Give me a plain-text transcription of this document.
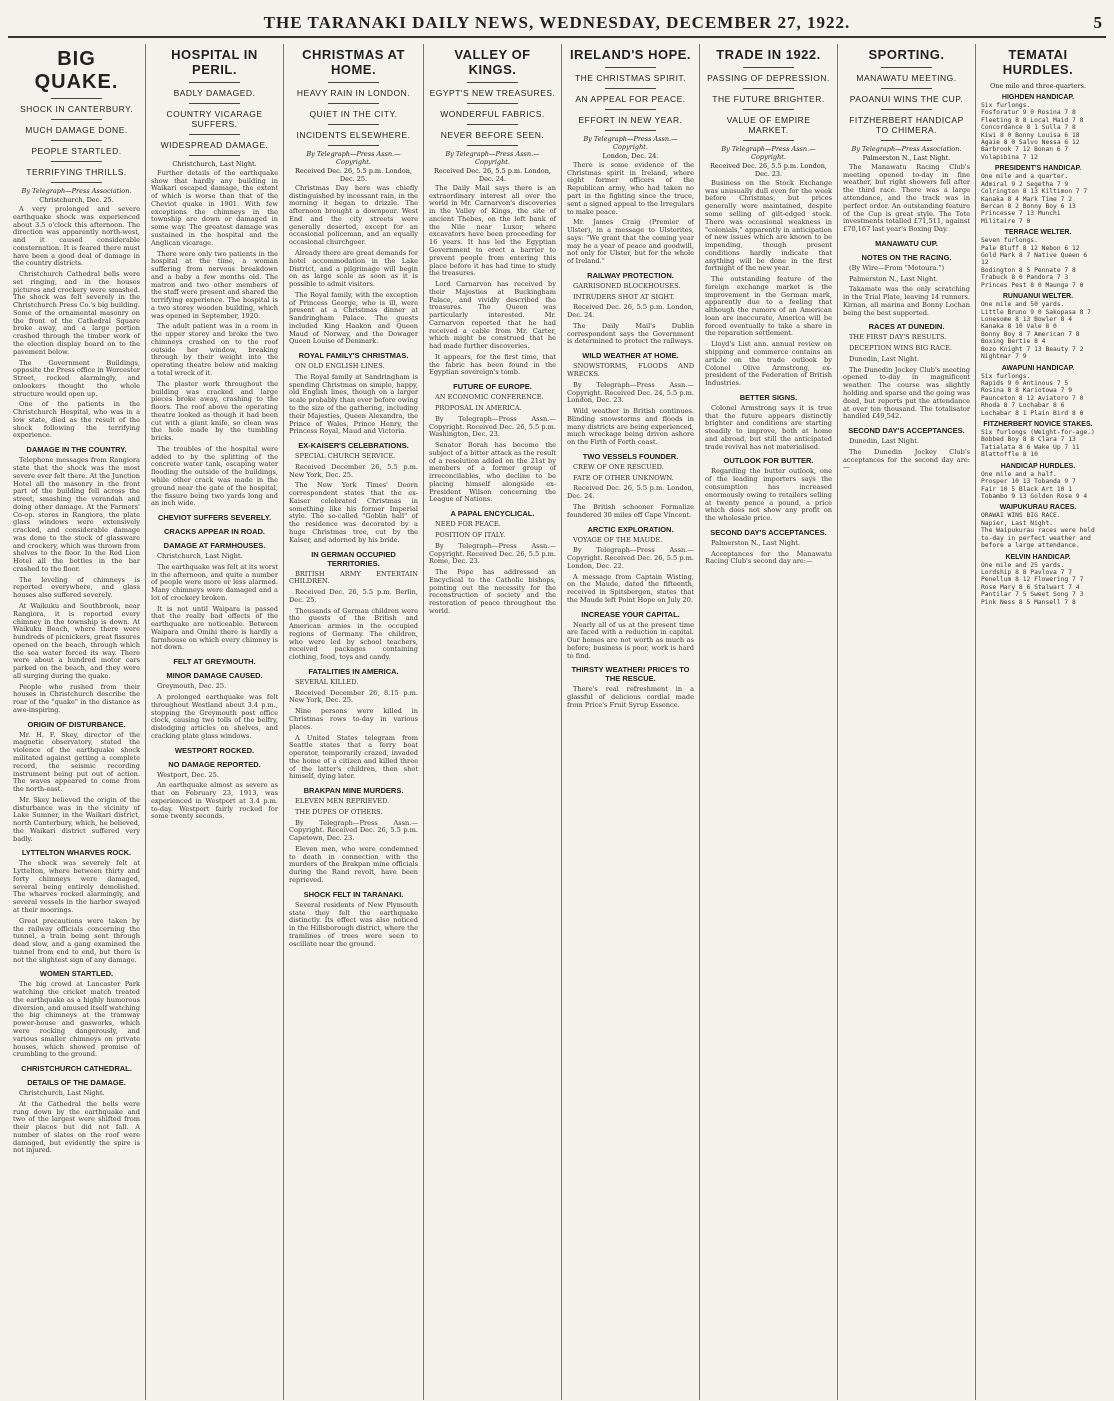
THE TARANAKI DAILY NEWS, WEDNESDAY, DECEMBER 27, 1922.	5
BIG QUAKE.
SHOCK IN CANTERBURY.
MUCH DAMAGE DONE.
PEOPLE STARTLED.
TERRIFYING THRILLS.
By Telegraph—Press Association.
Christchurch, Dec. 25.

A very prolonged and severe earthquake shock was experienced about 3.5 o'clock this afternoon. The direction was apparently north-west, and it caused considerable consternation. It is feared there must have been a good deal of damage in the country districts.

Christchurch Cathedral bells were set ringing, and in the houses pictures and crockery were smashed. The shock was felt severely in the Christchurch Press Co.'s big building. Some of the ornamental masonry on the front of the Cathedral Square broke away, and a large portion crashed through the timber work of the election display board on to the pavement below.

The Government Buildings, opposite the Press office in Worcester Street, rocked alarmingly, and onlookers thought the whole structure would open up.

One of the patients in the Christchurch Hospital, who was in a low state, died as the result of the shock following the terrifying experience.

DAMAGE IN THE COUNTRY.

Telephone messages from Rangiora state that the shock was the most severe ever felt there. At the Junction Hotel all the masonry in the front part of the building fell across the street, smashing the verandah and doing other damage. At the Farmers' Co-op. stores in Rangiora, the plate glass windows were extensively cracked, and considerable damage was done to the stock of glassware and crockery, which was thrown from shelves to the floor. In the Red Lion Hotel all the bottles in the bar crashed to the floor.

The leveling of chimneys is reported everywhere, and glass houses also suffered severely.

At Waikuku and Southbrook, near Rangiora, it is reported every chimney in the township is down. At Waikuku Beach, where there were hundreds of picnickers, great fissures opened on the beach, through which the sea water forced its way. There were about a hundred motor cars parked on the beach, and they were all surging during the quake.

People who rushed from their houses in Christchurch describe the roar of the "quake" in the distance as awe-inspiring.

ORIGIN OF DISTURBANCE.

Mr. H. F. Skey, director of the magnetic observatory, stated the violence of the earthquake shock militated against getting a complete record, the seismic recording instrument being put out of action. The waves appeared to come from the north-east.

Mr. Skey believed the origin of the disturbance was in the vicinity of Lake Sumner, in the Waikari district, north Canterbury, which, he believed, the Waikari district suffered very badly.

LYTTELTON WHARVES ROCK.

The shock was severely felt at Lyttelton, where between thirty and forty chimneys were damaged, several being entirely demolished. The wharves rocked alarmingly, and several vessels in the harbor swayed at their moorings.

Great precautions were taken by the railway officials concerning the tunnel, a train being sent through dead slow, and a gang examined the tunnel from end to end, but there is not the slightest sign of any damage.

WOMEN STARTLED.

The big crowd at Lancaster Park watching the cricket match treated the earthquake as a highly humorous diversion, and amused itself watching the big chimneys at the tramway power-house and gasworks, which were rocking dangerously, and various smaller chimneys on private houses, which showed promise of crumbling to the ground.

CHRISTCHURCH CATHEDRAL.
DETAILS OF THE DAMAGE.

Christchurch, Last Night.

At the Cathedral the bells were rung down by the earthquake and two of the largest were shifted from their places but did not fall. A number of slates on the roof were damaged, but evidently the spire is not injured.

HOSPITAL IN PERIL.
BADLY DAMAGED.
COUNTRY VICARAGE SUFFERS.
WIDESPREAD DAMAGE.
Christchurch, Last Night.

Further details of the earthquake show that hardly any building in Waikari escaped damage, the extent of which is worse than that of the Cheviot quake in 1901. With few exceptions the chimneys in the township are down or damaged in some way. The greatest damage was sustained in the hospital and the Anglican vicarage.

There were only two patients in the hospital at the time, a woman suffering from nervous breakdown and a baby a few months old. The matron and two other members of the staff were present and shared the terrifying experience. The hospital is a two storey wooden building, which was opened in September, 1920.

The adult patient was in a room in the upper storey and broke the two chimneys crashed on to the roof outside her window, breaking through by their weight into the operating theatre below and making a total wreck of it.

The plaster work throughout the building was cracked and large pieces broke away, crashing to the floors. The roof above the operating theatre looked as though it had been cut with a giant knife, so clean was the hole made by the tumbling bricks.

The troubles of the hospital were added to by the splitting of the concrete water tank, escaping water flooding the outside of the buildings, while other crack was made in the ground near the gate of the hospital, the fissure being two yards long and an inch wide.

CHEVIOT SUFFERS SEVERELY.
CRACKS APPEAR IN ROAD.
DAMAGE AT FARMHOUSES.

Christchurch, Last Night.

The earthquake was felt at its worst in the afternoon, and quite a number of people were more or less alarmed. Many chimneys were damaged and a lot of crockery broken.

It is not until Waipara is passed that the really bad effects of the earthquake are noticeable. Between Waipara and Omihi there is hardly a farmhouse on which every chimney is not down.

FELT AT GREYMOUTH.
MINOR DAMAGE CAUSED.

Greymouth, Dec. 25.

A prolonged earthquake was felt throughout Westland about 3.4 p.m., stopping the Greymouth post office clock, causing two tolls of the belfry, dislodging articles on shelves, and cracking plate glass windows.

WESTPORT ROCKED.
NO DAMAGE REPORTED.

Westport, Dec. 25.

An earthquake almost as severe as that on February 23, 1913, was experienced in Westport at 3.4 p.m. to-day. Westport fairly rocked for some twenty seconds.

CHRISTMAS AT HOME.
HEAVY RAIN IN LONDON.
QUIET IN THE CITY.
INCIDENTS ELSEWHERE.
By Telegraph—Press Assn.—Copyright.
Received Dec. 26, 5.5 p.m. London, Dec. 25.

Christmas Day here was chiefly distinguished by incessant rain, in the morning it began to drizzle. The afternoon brought a downpour. West End and the city streets were generally deserted, except for an occasional policeman, and an equally occasional churchgoer.

Already there are great demands for hotel accommodation in the Lake District, and a pilgrimage will begin on as large scale as soon as it is possible to admit visitors.

The Royal family, with the exception of Princess George, who is ill, were present at a Christmas dinner at Sandringham Palace. The guests included King Haakon and Queen Maud of Norway, and the Dowager Queen Louise of Denmark.

ROYAL FAMILY'S CHRISTMAS.

ON OLD ENGLISH LINES.

The Royal family at Sandringham is spending Christmas on simple, happy, old English lines, though on a larger scale probably than ever before owing to the size of the gathering, including their Majesties, Queen Alexandra, the Prince of Wales, Prince Henry, the Princess Royal, Maud and Victoria.

EX-KAISER'S CELEBRATIONS.

SPECIAL CHURCH SERVICE.

Received December 26, 5.5 p.m. New York, Dec. 25.

The New York Times' Doorn correspondent states that the ex-Kaiser celebrated Christmas in something like his former Imperial style. The so-called "Goblin hall" of the residence was decorated by a huge Christmas tree, cut by the Kaiser, and adorned by his bride.

IN GERMAN OCCUPIED TERRITORIES.

BRITISH ARMY ENTERTAIN CHILDREN.

Received Dec. 26, 5.5 p.m. Berlin, Dec. 25.

Thousands of German children were the guests of the British and American armies in the occupied regions of Germany. The children, who were led by school teachers, received packages containing clothing, food, toys and candy.

FATALITIES IN AMERICA.

SEVERAL KILLED.

Received December 26, 8.15 p.m. New York, Dec. 25.

Nine persons were killed in Christmas rows to-day in various places.

A United States telegram from Seattle states that a ferry boat operator, temporarily crazed, invaded the home of a citizen and killed three of the latter's children, then shot himself, dying later.

BRAKPAN MINE MURDERS.

ELEVEN MEN REPRIEVED.

THE DUPES OF OTHERS.

By Telegraph—Press Assn.—Copyright. Received Dec. 26, 5.5 p.m. Capetown, Dec. 23.

Eleven men, who were condemned to death in connection with the murders of the Brakpan mine officials during the Rand revolt, have been reprieved.

SHOCK FELT IN TARANAKI.

Several residents of New Plymouth state they felt the earthquake distinctly. Its effect was also noticed in the Hillsborough district, where the tramlines of trees were seen to oscillate near the ground.

VALLEY OF KINGS.
EGYPT'S NEW TREASURES.
WONDERFUL FABRICS.
NEVER BEFORE SEEN.
By Telegraph—Press Assn.—Copyright.
Received Dec. 26, 5.5 p.m. London, Dec. 24.

The Daily Mail says there is an extraordinary interest all over the world in Mr. Carnarvon's discoveries in the Valley of Kings, the site of ancient Thebes, on the left bank of the Nile near Luxor, where excavators have been proceeding for 16 years. It has led the Egyptian Government to erect a barrier to prevent people from entering this place before it has had time to study the treasures.

Lord Carnarvon has received by their Majesties at Buckingham Palace, and vividly described the treasures. The Queen was particularly interested. Mr. Carnarvon reported that he had received a cable from Mr. Carter, which might be construed that he had made further discoveries.

It appears, for the first time, that the fabric has been found in the Egyptian sovereign's tomb.

FUTURE OF EUROPE.

AN ECONOMIC CONFERENCE.

PROPOSAL IN AMERICA.

By Telegraph—Press Assn.—Copyright. Received Dec. 26, 5.5 p.m. Washington, Dec. 23.

Senator Borah has become the subject of a bitter attack as the result of a resolution added on the 21st by members of a former group of irreconcilables, who decline to be placing himself alongside ex-President Wilson concerning the League of Nations.

A PAPAL ENCYCLICAL.

NEED FOR PEACE.

POSITION OF ITALY.

By Telegraph—Press Assn.—Copyright. Received Dec. 26, 5.5 p.m. Rome, Dec. 23.

The Pope has addressed an Encyclical to the Catholic bishops, pointing out the necessity for the reconstruction of society and the restoration of peace throughout the world.

IRELAND'S HOPE.
THE CHRISTMAS SPIRIT.
AN APPEAL FOR PEACE.
EFFORT IN NEW YEAR.
By Telegraph—Press Assn.—Copyright.
London, Dec. 24.

There is some evidence of the Christmas spirit in Ireland, where eight former officers of the Republican army, who had taken no part in the fighting since the truce, sent a signed appeal to the Irregulars to make peace.

Mr. James Craig (Premier of Ulster), in a message to Ulsterites, says: "We grant that the coming year may be a year of peace and goodwill, not only for Ulster, but for the whole of Ireland."

RAILWAY PROTECTION.

GARRISONED BLOCKHOUSES.

INTRUDERS SHOT AT SIGHT.

Received Dec. 26, 5.5 p.m. London, Dec. 24.

The Daily Mail's Dublin correspondent says the Government is determined to protect the railways.

WILD WEATHER AT HOME.

SNOWSTORMS, FLOODS AND WRECKS.

By Telegraph—Press Assn.—Copyright. Received Dec. 24, 5.5 p.m. London, Dec. 23.

Wild weather in British continues. Blinding snowstorms and floods in many districts are being experienced, much wreckage being driven ashore on the Firth of Forth coast.

TWO VESSELS FOUNDER.

CREW OF ONE RESCUED.

FATE OF OTHER UNKNOWN.

Received Dec. 26, 5.5 p.m. London, Dec. 24.

The British schooner Formalize foundered 30 miles off Cape Vincent.

ARCTIC EXPLORATION.

VOYAGE OF THE MAUDE.

By Telegraph—Press Assn.—Copyright. Received Dec. 26, 5.5 p.m. London, Dec. 22.

A message from Captain Wisting, on the Maude, dated the fifteenth, received in Spitsbergen, states that the Maude left Point Hope on July 20.

INCREASE YOUR CAPITAL.

Nearly all of us at the present time are faced with a reduction in capital. Our homes are not worth as much as before; business is poor, work is hard to find.

THIRSTY WEATHER! PRICE'S TO THE RESCUE.

There's real refreshment in a glassful of delicious cordial made from Price's Fruit Syrup Essence.

TRADE IN 1922.
PASSING OF DEPRESSION.
THE FUTURE BRIGHTER.
VALUE OF EMPIRE MARKET.
By Telegraph—Press Assn.—Copyright.
Received Dec. 26, 5.5 p.m. London, Dec. 23.

Business on the Stock Exchange was unusually dull even for the week before Christmas, but prices generally were maintained, despite some selling of gilt-edged stock. There was occasional weakness in "colonials," apparently in anticipation of new issues which are known to be impending, though present conditions hardly indicate that anything will be done in the first fortnight of the new year.

The outstanding feature of the foreign exchange market is the improvement in the German mark, apparently due to a feeling that although the rumors of an American loan are inaccurate, America will be forced eventually to take a share in the reparation settlement.

Lloyd's List ann. annual review on shipping and commerce contains an article on the trade outlook by Colonel Olive Armstrong, ex-president of the Federation of British Industries.

BETTER SIGNS.

Colonel Armstrong says it is true that the future appears distinctly brighter and conditions are starting steadily to improve, both at home and abroad, but still the anticipated trade revival has not materialised.

OUTLOOK FOR BUTTER.

Regarding the butter outlook, one of the leading importers says the consumption has increased enormously owing to retailers selling at twenty pence a pound, a price which does not show any profit on the wholesale price.

SECOND DAY'S ACCEPTANCES.

Palmerston N., Last Night.

Acceptances for the Manawatu Racing Club's second day are:—

SPORTING.
MANAWATU MEETING.
PAOANUI WINS THE CUP.
FITZHERBERT HANDICAP TO CHIMERA.
By Telegraph—Press Association.
Palmerston N., Last Night.

The Manawatu Racing Club's meeting opened to-day in fine weather, but right showers fell after the third race. There was a large attendance, and the track was in perfect order. An outstanding feature of the Cup is great style. The Tote investments totalled £71,511, against £70,167 last year's Boxing Day.

MANAWATU CUP.
NOTES ON THE RACING.

(By Wire—From "Motoura.")

Palmerston N., Last Night.

Takamate was the only scratching in the Trial Plate, leaving 14 runners. Kirnan, all marina and Bonny Lochan being the best supported.

RACES AT DUNEDIN.

THE FIRST DAY'S RESULTS.

DECEPTION WINS BIG RACE.

Dunedin, Last Night.

The Dunedin Jockey Club's meeting opened to-day in magnificent weather. The course was slightly holding and sparse and the going was dead, but reports put the attendance at over ten thousand. The totalisator handled £49,542.

SECOND DAY'S ACCEPTANCES.

Dunedin, Last Night.

The Dunedin Jockey Club's acceptances for the second day are:—

TEMATAI HURDLES.
One mile and three-quarters.
HIGHDEN HANDICAP.
Six furlongs.
Fosforatur 9 0 Rosina 7 8
Fleeting 8 8 Local Maid 7 8
Concordance 8 1 Sulla 7 8
Kiwi 8 0 Bonny Louisa 6 18
Agaie 8 0 Salvo Nessa 6 12
Barbrook 7 12 Bonan 6 7
Volapibina 7 12
PRESIDENT'S HANDICAP.
One mile and a quarter.
Admiral 9 2 Segetha 7 9
Colrington 8 13 Kiltimon 7 7
Kanaka 8 4 Mark Time 7 2
Bercan 8 2 Bonny Boy 6 13
Princesse 7 13 Munchi Militaire 7 0
TERRACE WELTER.
Seven furlongs.
Pale Bluff 8 12 Nebon 6 12
Gold Mark 8 7 Native Queen 6 12
Bodington 8 5 Pennate 7 8
Trabuck 8 0 Pandora 7 3
Princes Pest 8 0 Maunga 7 0
RUNUANUI WELTER.
One mile and 50 yards.
Little Bruno 9 0 Sakopasa 8 7
Lonesome 8 13 Bowler 8 4
Kanaka 8 10 Vale 8 0
Bonny Boy 8 7 American 7 8
Boxing Bertie 8 4
Bozo Knight 7 13 Beauty 7 2
Nightmar 7 9
AWAPUNI HANDICAP.
Six furlongs.
Rapids 9 0 Antinous 7 5
Rosina 8 8 Kariotowa 7 9
Paunceton 8 12 Aviatoro 7 0
Rhoda 8 7 Lochabar 8 6
Lochabar 8 1 Plain Bird 8 0
FITZHERBERT NOVICE STAKES.
Six furlongs (Weight-for-age.)
Bobbed Boy 8 8 Clara 7 13
Tatialata 8 6 Wake Up 7 11
Blattoffle 8 10
HANDICAP HURDLES.
One mile and a half.
Prosper 10 13 Tobanda 9 7
Fair 10 5 Black Art 10 1
Tobambo 9 13 Golden Rose 9 4
WAIPUKURAU RACES.
ORAWAI WINS BIG RACE.
Napier, Last Night.
The Waipukurau races were held to-day in perfect weather and before a large attendance.
KELVIN HANDICAP.
One mile and 25 yards.
Lordship 8 8 Pavlova 7 7
Penellum 8 12 Flowering 7 7
Rose Mary 8 6 Stalwart 7 4
Pantilar 7 5 Sweet Song 7 3
Pink Ness 8 5 Mansell 7 8
